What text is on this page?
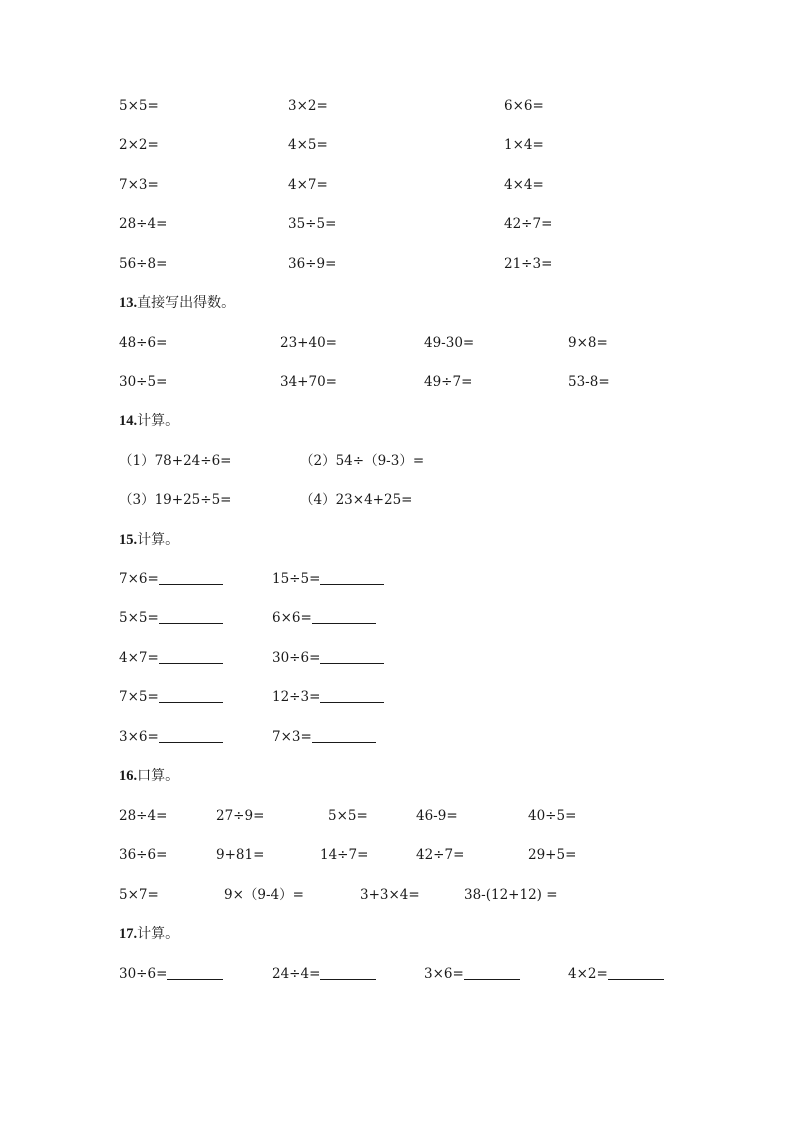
5×5=	3×2=	6×6=
2×2=	4×5=	1×4=
7×3=	4×7=	4×4=
28÷4=	35÷5=	42÷7=
56÷8=	36÷9=	21÷3=
13.直接写出得数。
48÷6=	23+40=	49-30=	9×8=
30÷5=	34+70=	49÷7=	53-8=
14.计算。
（1）78+24÷6=	（2）54÷（9-3）=
（3）19+25÷5=	（4）23×4+25=
15.计算。
7×6=	15÷5=
5×5=	6×6=
4×7=	30÷6=
7×5=	12÷3=
3×6=	7×3=
16.口算。
28÷4=	27÷9=	5×5=	46-9=	40÷5=
36÷6=	9+81=	14÷7=	42÷7=	29+5=
5×7=	9×（9-4）=	3+3×4=	38-(12+12) =
17.计算。
30÷6=	24÷4=	3×6=	4×2=
